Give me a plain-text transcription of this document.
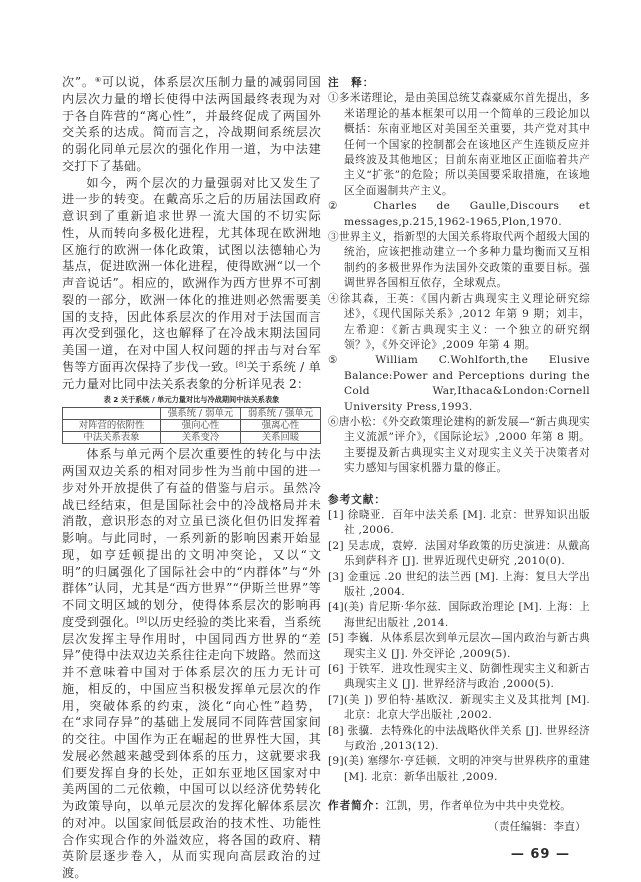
次”。⑥可以说，体系层次压制力量的减弱同国内层次力量的增长使得中法两国最终表现为对于各自阵营的“离心性”，并最终促成了两国外交关系的达成。简而言之，冷战期间系统层次的弱化同单元层次的强化作用一道，为中法建交打下了基础。

如今，两个层次的力量强弱对比又发生了进一步的转变。在戴高乐之后的历届法国政府意识到了重新追求世界一流大国的不切实际性，从而转向多极化进程，尤其体现在欧洲地区施行的欧洲一体化政策，试图以法德轴心为基点，促进欧洲一体化进程，使得欧洲“以一个声音说话”。相应的，欧洲作为西方世界不可割裂的一部分，欧洲一体化的推进则必然需要美国的支持，因此体系层次的作用对于法国而言再次受到强化，这也解释了在冷战末期法国同美国一道，在对中国人权问题的抨击与对台军售等方面再次保持了步伐一致。[8]关于系统 / 单元力量对比同中法关系表象的分析详见表 2：

表 2 关于系统 / 单元力量对比与冷战期间中法关系表象
	强系统 / 弱单元	弱系统 / 强单元
对阵营的依附性	强向心性	强离心性
中法关系表象	关系变冷	关系回暖

体系与单元两个层次重要性的转化与中法两国双边关系的相对同步性为当前中国的进一步对外开放提供了有益的借鉴与启示。虽然冷战已经结束，但是国际社会中的冷战格局并未消散，意识形态的对立虽已淡化但仍旧发挥着影响。与此同时，一系列新的影响因素开始显现，如亨廷顿提出的文明冲突论，又以“文明”的归属强化了国际社会中的“内群体”与“外群体”认同，尤其是“西方世界”“伊斯兰世界”等不同文明区域的划分，使得体系层次的影响再度受到强化。[9]以历史经验的类比来看，当系统层次发挥主导作用时，中国同西方世界的“差异”使得中法双边关系往往走向下坡路。然而这并不意味着中国对于体系层次的压力无计可施，相反的，中国应当积极发挥单元层次的作用，突破体系的约束，淡化“向心性”趋势，在“求同存异”的基础上发展同不同阵营国家间的交往。中国作为正在崛起的世界性大国，其发展必然越来越受到体系的压力，这就要求我们要发挥自身的长处，正如东亚地区国家对中美两国的二元依赖，中国可以以经济优势转化为政策导向，以单元层次的发挥化解体系层次的对冲。以国家间低层政治的技术性、功能性合作实现合作的外溢效应，将各国的政府、精英阶层逐步卷入，从而实现向高层政治的过渡。

注　释：

①多米诺理论，是由美国总统艾森豪威尔首先提出，多米诺理论的基本框架可以用一个简单的三段论加以概括：东南亚地区对美国至关重要，共产党对其中任何一个国家的控制都会在该地区产生连锁反应并最终波及其他地区；目前东南亚地区正面临着共产主义“扩张”的危险；所以美国要采取措施，在该地区全面遏制共产主义。

② Charles de Gaulle,Discours et messages,p.215,1962-1965,Plon,1970.

③世界主义，指新型的大国关系将取代两个超级大国的统治，应该把推动建立一个多种力量均衡而又互相制约的多极世界作为法国外交政策的重要目标。强调世界各国相互依存，全球观点。

④徐其森，王英：《国内新古典现实主义理论研究综述》，《现代国际关系》,2012 年第 9 期；刘丰，左希迎：《新古典现实主义：一个独立的研究纲领？》，《外交评论》,2009 年第 4 期。

⑤ William C.Wohlforth,the Elusive Balance:Power and Perceptions during the Cold War,Ithaca&London:Cornell University Press,1993.

⑥唐小松：《外交政策理论建构的新发展—“新古典现实主义流派”评介》，《国际论坛》,2000 年第 8 期。主要提及新古典现实主义对现实主义关于决策者对实力感知与国家机器力量的修正。

参考文献：

[1] 徐晓亚．百年中法关系 [M]. 北京：世界知识出版社 ,2006.

[2] 吴志成，袁婷．法国对华政策的历史演进：从戴高乐到萨科齐 [J]. 世界近现代史研究 ,2010(0).

[3] 金重远 .20 世纪的法兰西 [M]. 上海：复旦大学出版社 ,2004.

[4](美) 肯尼斯·华尔兹．国际政治理论 [M]. 上海：上海世纪出版社 ,2014.

[5] 李巍．从体系层次到单元层次—国内政治与新古典现实主义 [J]. 外交评论 ,2009(5).

[6] 于铁军．进攻性现实主义、防御性现实主义和新古典现实主义 [J]. 世界经济与政治 ,2000(5).

[7](美 ]) 罗伯特·基欧汉．新现实主义及其批判 [M]. 北京：北京大学出版社 ,2002.

[8] 张骥．去特殊化的中法战略伙伴关系 [J]. 世界经济与政治 ,2013(12).

[9](美) 塞缪尔·亨廷顿．文明的冲突与世界秩序的重建 [M]. 北京：新华出版社 ,2009.

作者简介：江凯，男，作者单位为中共中央党校。
（责任编辑：李直）
— 69 —
